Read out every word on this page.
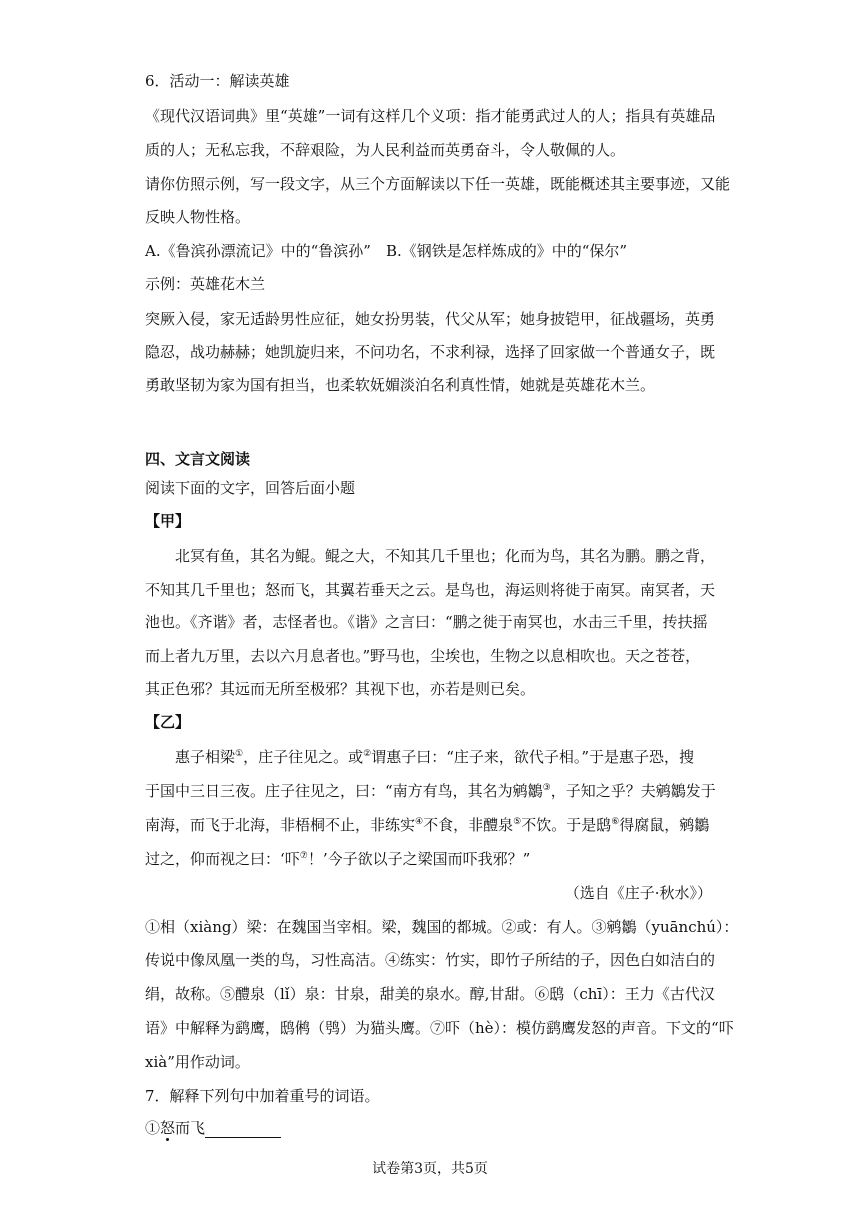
6．活动一：解读英雄
《现代汉语词典》里“英雄”一词有这样几个义项：指才能勇武过人的人；指具有英雄品
质的人；无私忘我，不辞艰险，为人民利益而英勇奋斗，令人敬佩的人。
请你仿照示例，写一段文字，从三个方面解读以下任一英雄，既能概述其主要事迹，又能
反映人物性格。
A.《鲁滨孙漂流记》中的“鲁滨孙”　B.《钢铁是怎样炼成的》中的“保尔”
示例：英雄花木兰
突厥入侵，家无适龄男性应征，她女扮男装，代父从军；她身披铠甲，征战疆场，英勇
隐忍，战功赫赫；她凯旋归来，不问功名，不求利禄，选择了回家做一个普通女子，既
勇敢坚韧为家为国有担当，也柔软妩媚淡泊名利真性情，她就是英雄花木兰。
四、文言文阅读
阅读下面的文字，回答后面小题
【甲】
北冥有鱼，其名为鲲。鲲之大，不知其几千里也；化而为鸟，其名为鹏。鹏之背，
不知其几千里也；怒而飞，其翼若垂天之云。是鸟也，海运则将徙于南冥。南冥者，天
池也。《齐谐》者，志怪者也。《谐》之言曰：“鹏之徙于南冥也，水击三千里，抟扶摇
而上者九万里，去以六月息者也。”野马也，尘埃也，生物之以息相吹也。天之苍苍，
其正色邪？其远而无所至极邪？其视下也，亦若是则已矣。
【乙】
惠子相梁①，庄子往见之。或②谓惠子曰：“庄子来，欲代子相。”于是惠子恐，搜
于国中三日三夜。庄子往见之，曰：“南方有鸟，其名为鹓鶵③，子知之乎？夫鹓鶵发于
南海，而飞于北海，非梧桐不止，非练实④不食，非醴泉⑤不饮。于是鸱⑥得腐鼠，鹓鶵
过之，仰而视之曰：‘吓⑦！’今子欲以子之梁国而吓我邪？”
（选自《庄子·秋水》）
①相（xiàng）梁：在魏国当宰相。梁，魏国的都城。②或：有人。③鹓鶵（yuānchú）：
传说中像凤凰一类的鸟，习性高洁。④练实：竹实，即竹子所结的子，因色白如洁白的
绢，故称。⑤醴泉（lǐ）泉：甘泉，甜美的泉水。醇,甘甜。⑥鸱（chī）：王力《古代汉
语》中解释为鹞鹰，鸱鸺（鸮）为猫头鹰。⑦吓（hè）：模仿鹞鹰发怒的声音。下文的“吓
xià”用作动词。
7．解释下列句中加着重号的词语。
①怒而飞
试卷第3页，共5页
